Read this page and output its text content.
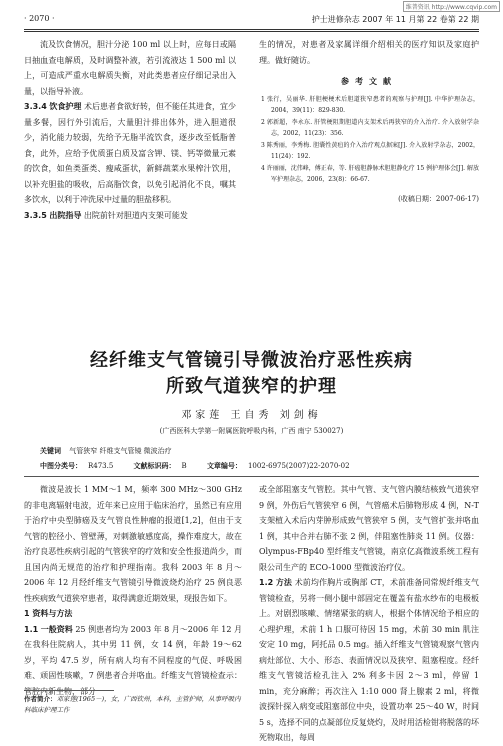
维普资讯 http://www.cqvip.com
· 2070 ·	护士进修杂志 2007 年 11 月第 22 卷第 22 期

流及饮食情况，胆汁分泌 100 ml 以上时，应每日或隔日抽血查电解质，及时调整补液，若引流液达 1 500 ml 以上，可造成严重水电解质失衡，对此类患者应仔细记录出入量，以指导补液。

3.3.4 饮食护理 术后患者食欲好转，但不能任其进食，宜少量多餐，因行外引流后，大量胆汁排出体外，进入胆道很少，消化能力较弱，先给予无脂半流饮食，逐步改至低脂普食，此外，应给予优质蛋白质及富含钾、镁、钙等微量元素的饮食，如鱼类蛋类、瘦咸蛋状，新鲜蔬菜水果榨汁饮用，以补充胆盐的吸收，后高脂饮食，以免引起消化不良，嘱其多饮水，以利于冲洗尿中过量的胆盐移积。

3.3.5 出院指导 出院前针对胆道内支架可能发

生的情况，对患者及家属详细介绍相关的医疗知识及家庭护理。做好随访。

参考文献
1 张行，吴丽华. 肝胆梗梗术后胆道狭窄患者的观察与护理[J]. 中华护理杂志，2004，39(11)：829-830.
2 郭新超，李永东. 肝管梗阻期胆道内支架术后再狭窄的介入治疗. 介入放射学杂志，2002，11(23)：356.
3 陈秀丽，李秀梅. 胆囊性黄疸的介入治疗观点据案[J]. 介入放射学杂志，2002，11(24)：192.
4 许丽丽，沈伟峰，傅正春，等. 肝癌胆静脉术胆胆静化疗 15 例护理体会[J]. 解放军护理杂志，2006，23(8)：66-67.
(收稿日期：2007-06-17)
经纤维支气管镜引导微波治疗恶性疾病
所致气道狭窄的护理
邓家莲 王自秀 刘剑梅
(广西医科大学第一附属医院呼吸内科，广西 南宁 530027)
关键词 气管狭窄 纤维支气管镜 微波治疗
中图分类号： R473.5	文献标识码： B	文章编号： 1002-6975(2007)22-2070-02

微波是波长 1 MM～1 M，频率 300 MHz～300 GHz 的非电离辐射电波，近年来已应用于临床治疗，虽然已有应用于治疗中央型肺癌及支气管良性肿瘤的报道[1,2]，但由于支气管的腔径小、管壁薄，对刺激敏感度高，操作难度大，故在治疗良恶性疾病引起的气管狭窄的疗效和安全性报道尚少，而且国内尚无规范的治疗和护理指南。我科 2003 年 8 月～2006 年 12 月经纤维支气管镜引导微波烧灼治疗 25 例良恶性疾病致气道狭窄患者，取得满意近期效果，现报告如下。

1 资料与方法

1.1 一般资料 25 例患者均为 2003 年 8 月～2006 年 12 月在我科住院病人，其中男 11 例，女 14 例，年龄 19～62 岁，平均 47.5 岁，所有病人均有不同程度的气促、呼吸困难、顽固性咳嗽，7 例患者合并咯血。纤维支气管镜检查示：管腔内新生物，部分

或全部阻塞支气管腔。其中气管、支气管内膜结核致气道狭窄 9 例，外伤后气管狭窄 6 例，气管癌术后肺物形成 4 例，N-T 支架植入术后内芽肿形成致气管狭窄 5 例，支气管扩张并咯血 1 例，其中合并右肺不张 2 例，伴阻塞性肺炎 11 例。仪器：Olympus-FBp40 型纤维支气管镜，南京亿高微波系统工程有限公司生产的 ECO-1000 型微波治疗仪。

1.2 方法 术前均作胸片或胸部 CT，术前准备同常规纤维支气管镜检查，另将一侧小腿中部固定在覆盖有盐水纱布的电极板上。对剧烈咳嗽、情绪紧张的病人，根据个体情况给予相应的心理护理，术前 1 h 口服可待因 15 mg，术前 30 min 肌注安定 10 mg，阿托品 0.5 mg。插入纤维支气管镜观察气管内病灶部位、大小、形态、表面情况以及狭窄、阻塞程度。经纤维支气管镜活检孔注入 2% 利多卡因 2～3 ml，停留 1 min，充分麻醉；再次注入 1:10 000 肾上腺素 2 ml，将微波探针探入病变或阻塞部位中央，设置功率 25～40 W，时间 5 s，选择不同的点凝部位反复烧灼，及时用活检钳将脱落的坏死物取出，每周

作者简介：邓家莲(1965－)，女，广西钦州，本科，主管护师，从事呼吸内科临床护理工作
